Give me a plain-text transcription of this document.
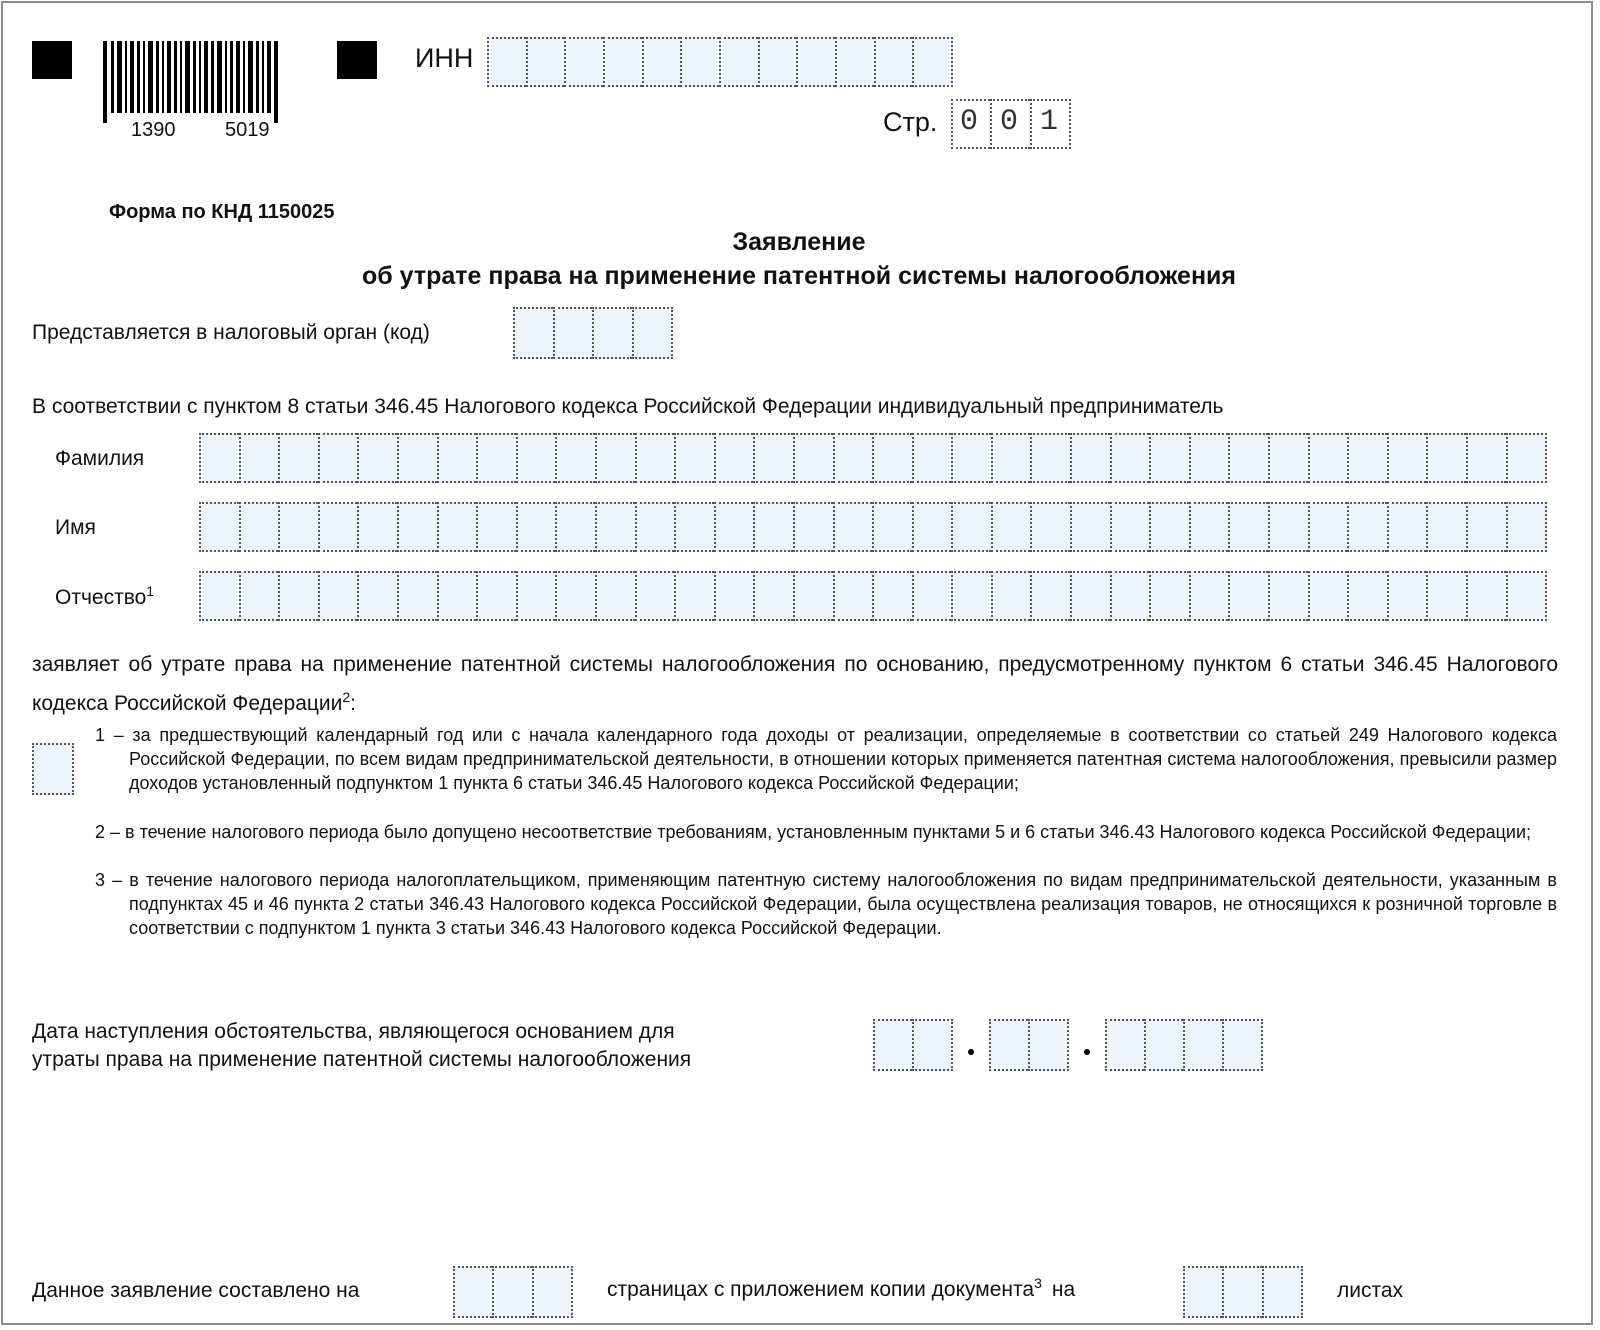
1390 5019
ИНН
Стр. 0 0 1
Форма по КНД 1150025
Заявление
об утрате права на применение патентной системы налогообложения
Представляется в налоговый орган (код)
В соответствии с пунктом 8 статьи 346.45 Налогового кодекса Российской Федерации индивидуальный предприниматель
Фамилия
Имя
Отчество$^1$
заявляет об утрате права на применение патентной системы налогообложения по основанию, предусмотренному пунктом 6 статьи 346.45 Налогового кодекса Российской Федерации$^2$:
1 – за предшествующий календарный год или с начала календарного года доходы от реализации, определяемые в соответствии со статьей 249 Налогового кодекса Российской Федерации, по всем видам предпринимательской деятельности, в отношении которых применяется патентная система налогообложения, превысили размер доходов установленный подпунктом 1 пункта 6 статьи 346.45 Налогового кодекса Российской Федерации;
2 – в течение налогового периода было допущено несоответствие требованиям, установленным пунктами 5 и 6 статьи 346.43 Налогового кодекса Российской Федерации;
3 – в течение налогового периода налогоплательщиком, применяющим патентную систему налогообложения по видам предпринимательской деятельности, указанным в подпунктах 45 и 46 пункта 2 статьи 346.43 Налогового кодекса Российской Федерации, была осуществлена реализация товаров, не относящихся к розничной торговле в соответствии с подпунктом 1 пункта 3 статьи 346.43 Налогового кодекса Российской Федерации.
Дата наступления обстоятельства, являющегося основанием для
утраты права на применение патентной системы налогообложения
Данное заявление составлено на	страницах с приложением копии документа$^3$ на	листах
